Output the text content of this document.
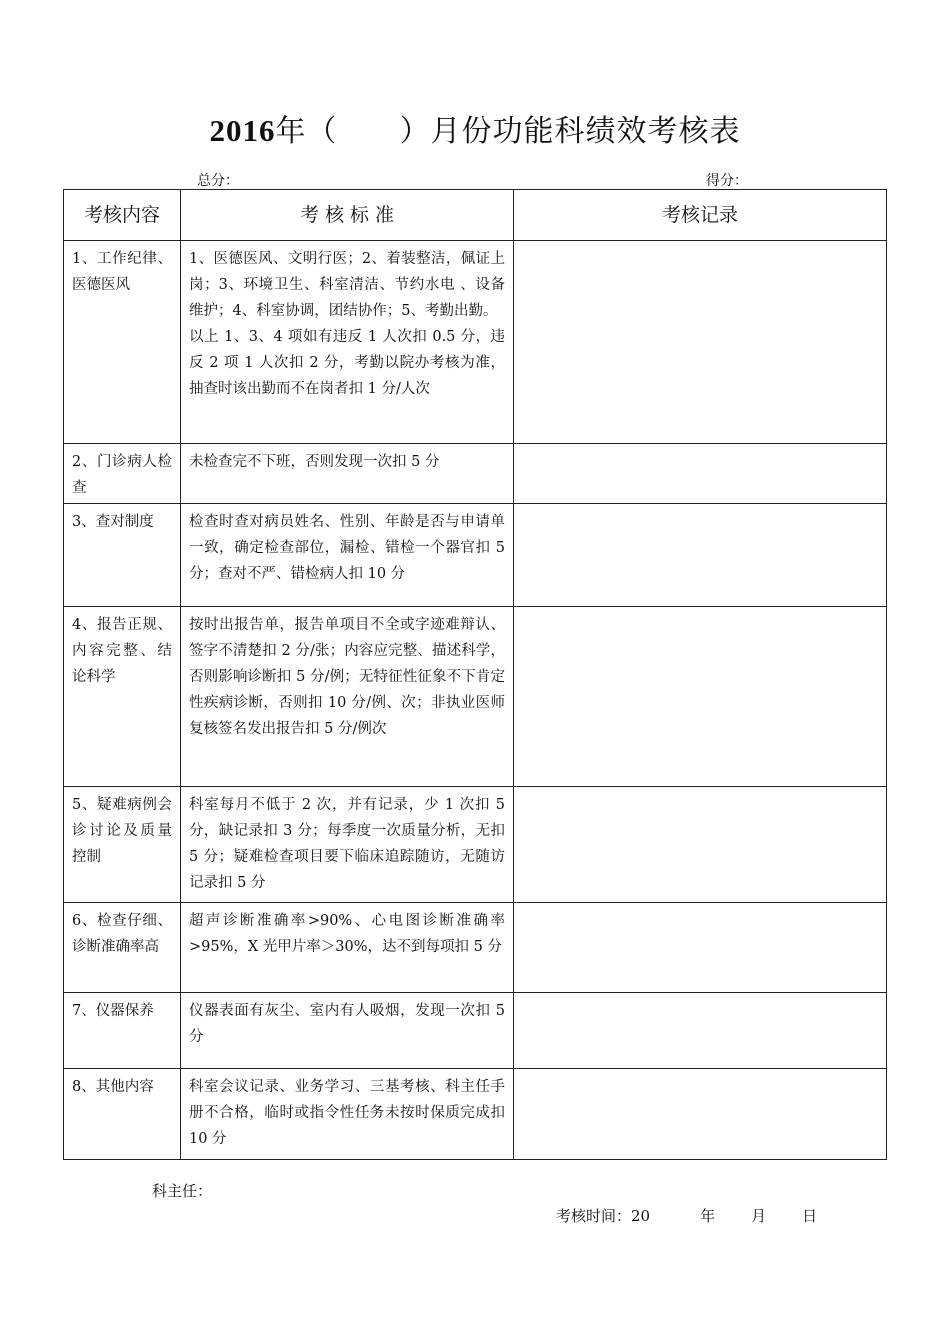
2016年（　　）月份功能科绩效考核表
总分：	得分：
考核内容	考 核 标 准	考核记录
1、工作纪律、医德医风	1、医德医风、文明行医；2、着装整洁，佩证上岗；3、环境卫生、科室清洁、节约水电 、设备维护；4、科室协调，团结协作；5、考勤出勤。
以上 1、3、4 项如有违反 1 人次扣 0.5 分，违反 2 项 1 人次扣 2 分，考勤以院办考核为准，抽查时该出勤而不在岗者扣 1 分/人次	

2、门诊病人检查	未检查完不下班，否则发现一次扣 5 分	
3、查对制度	检查时查对病员姓名、性别、年龄是否与申请单一致，确定检查部位，漏检、错检一个器官扣 5 分；查对不严、错检病人扣 10 分	
4、报告正规、内容完整、结论科学	按时出报告单，报告单项目不全或字迹难辩认、签字不清楚扣 2 分/张；内容应完整、描述科学，否则影响诊断扣 5 分/例；无特征性征象不下肯定性疾病诊断，否则扣 10 分/例、次；非执业医师复核签名发出报告扣 5 分/例次	
5、疑难病例会诊讨论及质量控制	科室每月不低于 2 次，并有记录，少 1 次扣 5 分，缺记录扣 3 分；每季度一次质量分析，无扣 5 分；疑难检查项目要下临床追踪随访，无随访记录扣 5 分	
6、检查仔细、诊断准确率高	超声诊断准确率>90%、心电图诊断准确率>95%，X 光甲片率＞30%，达不到每项扣 5 分	
7、仪器保养	仪器表面有灰尘、室内有人吸烟，发现一次扣 5 分	
8、其他内容	科室会议记录、业务学习、三基考核、科主任手册不合格，临时或指令性任务未按时保质完成扣 10 分	
科主任：
考核时间：20	年 月 日
